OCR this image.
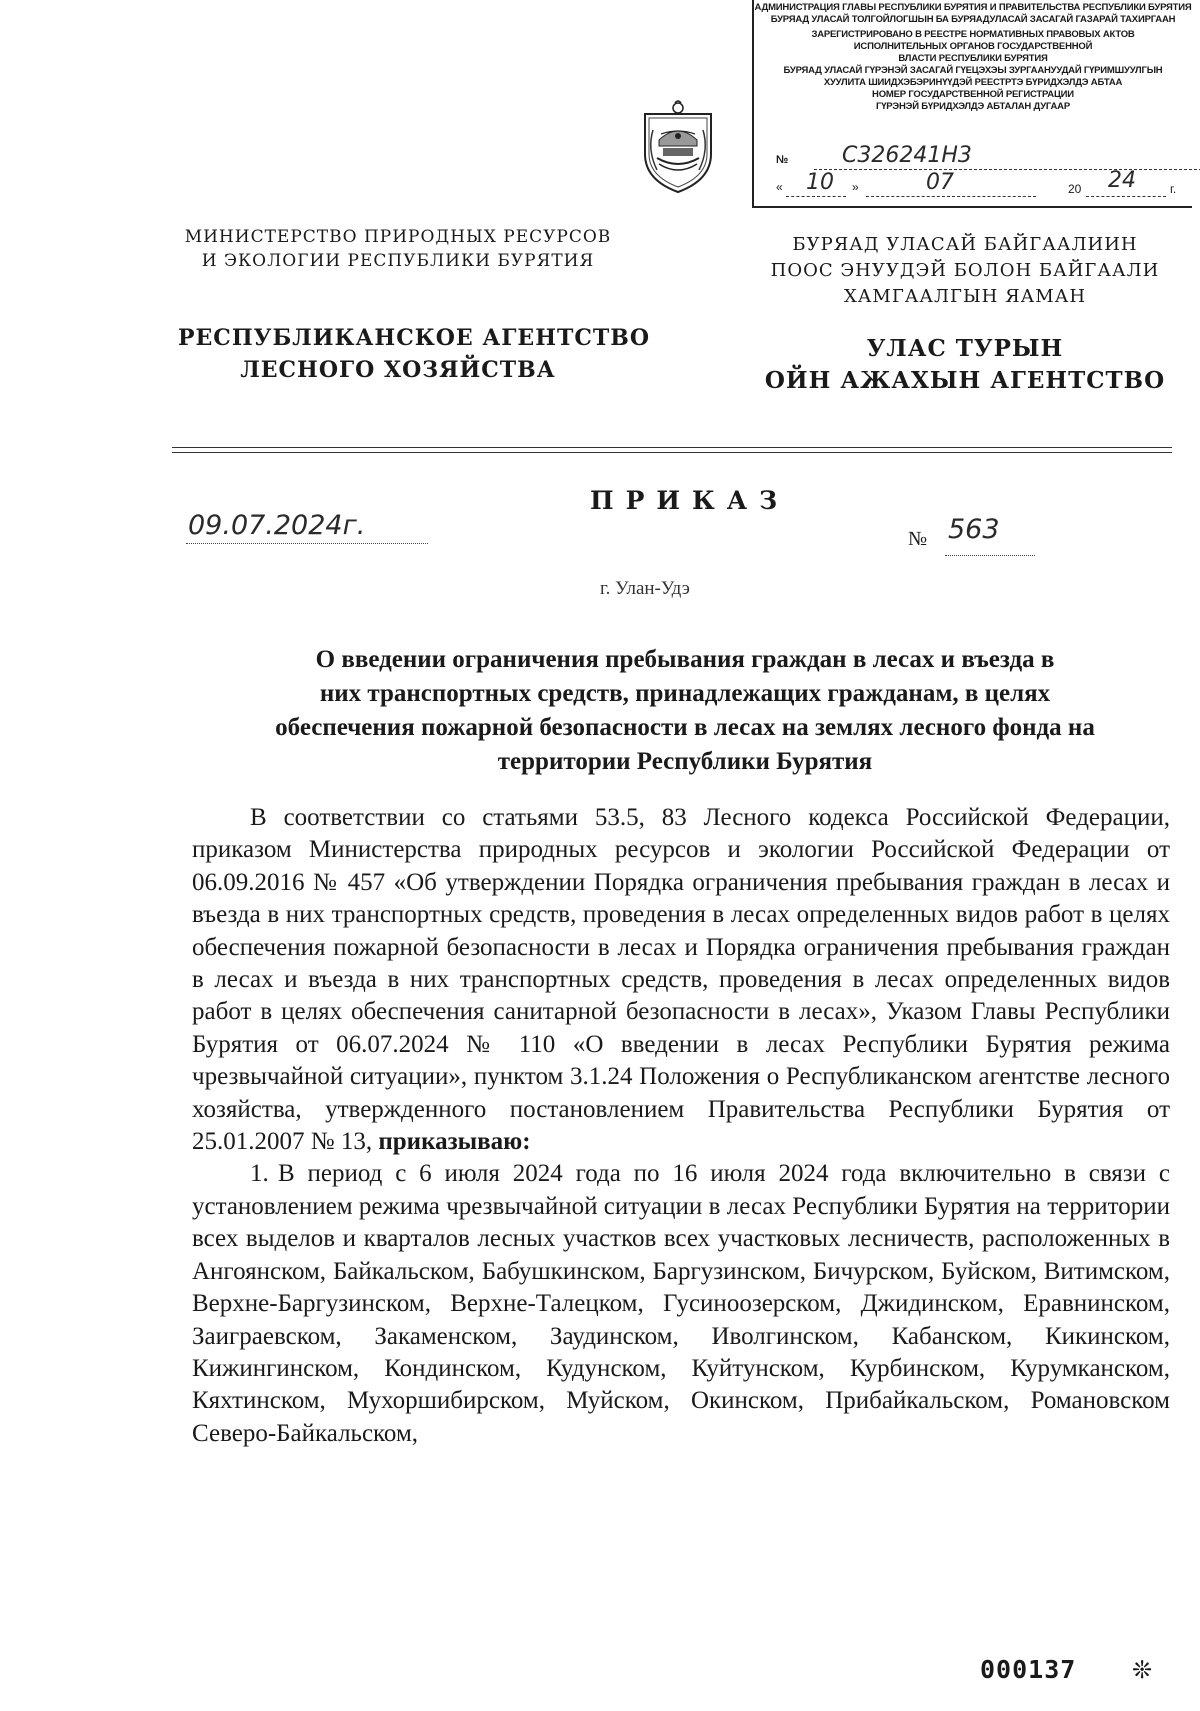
АДМИНИСТРАЦИЯ ГЛАВЫ РЕСПУБЛИКИ БУРЯТИЯ И ПРАВИТЕЛЬСТВА РЕСПУБЛИКИ БУРЯТИЯ
БУРЯАД УЛАСАЙ ТОЛГОЙЛОГШЫН БА БУРЯАДУЛАСАЙ ЗАСАГАЙ ГАЗАРАЙ ТАХИРГААН
ЗАРЕГИСТРИРОВАНО В РЕЕСТРЕ НОРМАТИВНЫХ ПРАВОВЫХ АКТОВ
ИСПОЛНИТЕЛЬНЫХ ОРГАНОВ ГОСУДАРСТВЕННОЙ
ВЛАСТИ РЕСПУБЛИКИ БУРЯТИЯ
БУРЯАД УЛАСАЙ ГҮРЭНЭЙ ЗАСАГАЙ ГҮЕЦЭХЭЫ ЗУРГААНУУДАЙ ГҮРИМШУУЛГЫН
ХУУЛИТА ШИИДХЭБЭРИНҮҮДЭЙ РЕЕСТРТЭ БҮРИДХЭЛДЭ АБТАА
НОМЕР ГОСУДАРСТВЕННОЙ РЕГИСТРАЦИИ
ГҮРЭНЭЙ БҮРИДХЭЛДЭ АБТАЛАН ДУГААР
№	С326241Н3
« 10 »	07	20 24	г.
МИНИСТЕРСТВО ПРИРОДНЫХ РЕСУРСОВ
И ЭКОЛОГИИ РЕСПУБЛИКИ БУРЯТИЯ
РЕСПУБЛИКАНСКОЕ АГЕНТСТВО
ЛЕСНОГО ХОЗЯЙСТВА
БУРЯАД УЛАСАЙ БАЙГААЛИИН
ПООС ЭНУУДЭЙ БОЛОН БАЙГААЛИ
ХАМГААЛГЫН ЯАМАН
УЛАС ТУРЫН
ОЙН АЖАХЫН АГЕНТСТВО
ПРИКАЗ
09.07.2024г.	№ 563
г. Улан-Удэ
О введении ограничения пребывания граждан в лесах и въезда в
них транспортных средств, принадлежащих гражданам, в целях
обеспечения пожарной безопасности в лесах на землях лесного фонда на
территории Республики Бурятия

В соответствии со статьями 53.5, 83 Лесного кодекса Российской Федерации, приказом Министерства природных ресурсов и экологии Российской Федерации от 06.09.2016 № 457 «Об утверждении Порядка ограничения пребывания граждан в лесах и въезда в них транспортных средств, проведения в лесах определенных видов работ в целях обеспечения пожарной безопасности в лесах и Порядка ограничения пребывания граждан в лесах и въезда в них транспортных средств, проведения в лесах определенных видов работ в целях обеспечения санитарной безопасности в лесах», Указом Главы Республики Бурятия от 06.07.2024 № 110 «О введении в лесах Республики Бурятия режима чрезвычайной ситуации», пунктом 3.1.24 Положения о Республиканском агентстве лесного хозяйства, утвержденного постановлением Правительства Республики Бурятия от 25.01.2007 № 13, приказываю:

1. В период с 6 июля 2024 года по 16 июля 2024 года включительно в связи с установлением режима чрезвычайной ситуации в лесах Республики Бурятия на территории всех выделов и кварталов лесных участков всех участковых лесничеств, расположенных в Ангоянском, Байкальском, Бабушкинском, Баргузинском, Бичурском, Буйском, Витимском, Верхне-Баргузинском, Верхне-Талецком, Гусиноозерском, Джидинском, Еравнинском, Заиграевском, Закаменском, Заудинском, Иволгинском, Кабанском, Кикинском, Кижингинском, Кондинском, Кудунском, Куйтунском, Курбинском, Курумканском, Кяхтинском, Мухоршибирском, Муйском, Окинском, Прибайкальском, Романовском Северо-Байкальском,

000137 ❊
